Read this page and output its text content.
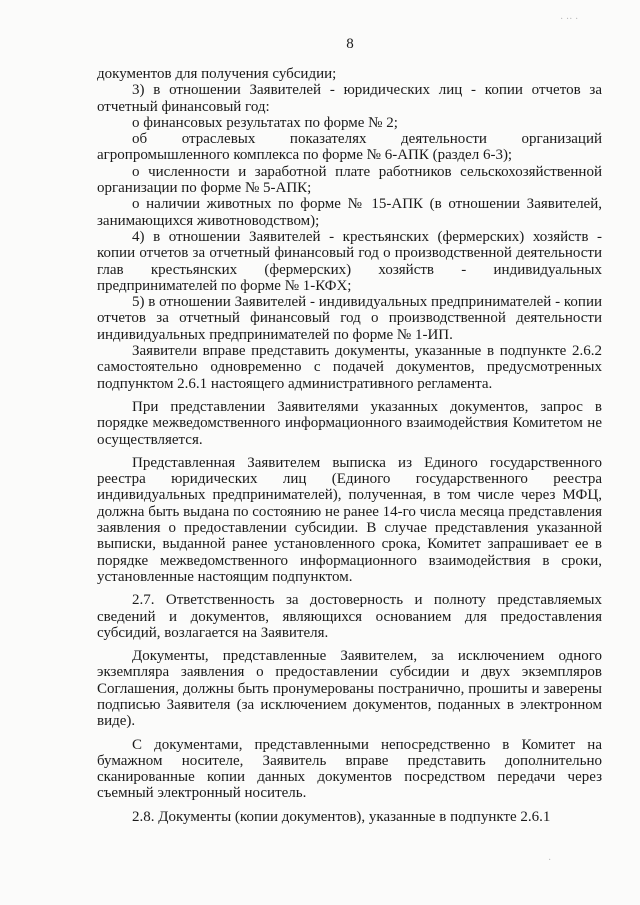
· ·· ·
·
8

документов для получения субсидии;

3) в отношении Заявителей - юридических лиц - копии отчетов за отчетный финансовый год:

о финансовых результатах по форме № 2;

об отраслевых показателях деятельности организаций агропромышленного комплекса по форме № 6-АПК (раздел 6-3);

о численности и заработной плате работников сельскохозяйственной организации по форме № 5-АПК;

о наличии животных по форме № 15-АПК (в отношении Заявителей, занимающихся животноводством);

4) в отношении Заявителей - крестьянских (фермерских) хозяйств - копии отчетов за отчетный финансовый год о производственной деятельности глав крестьянских (фермерских) хозяйств - индивидуальных предпринимателей по форме № 1-КФХ;

5) в отношении Заявителей - индивидуальных предпринимателей - копии отчетов за отчетный финансовый год о производственной деятельности индивидуальных предпринимателей по форме № 1-ИП.

Заявители вправе представить документы, указанные в подпункте 2.6.2 самостоятельно одновременно с подачей документов, предусмотренных подпунктом 2.6.1 настоящего административного регламента.

При представлении Заявителями указанных документов, запрос в порядке межведомственного информационного взаимодействия Комитетом не осуществляется.

Представленная Заявителем выписка из Единого государственного реестра юридических лиц (Единого государственного реестра индивидуальных предпринимателей), полученная, в том числе через МФЦ, должна быть выдана по состоянию не ранее 14-го числа месяца представления заявления о предоставлении субсидии. В случае представления указанной выписки, выданной ранее установленного срока, Комитет запрашивает ее в порядке межведомственного информационного взаимодействия в сроки, установленные настоящим подпунктом.

2.7. Ответственность за достоверность и полноту представляемых сведений и документов, являющихся основанием для предоставления субсидий, возлагается на Заявителя.

Документы, представленные Заявителем, за исключением одного экземпляра заявления о предоставлении субсидии и двух экземпляров Соглашения, должны быть пронумерованы постранично, прошиты и заверены подписью Заявителя (за исключением документов, поданных в электронном виде).

С документами, представленными непосредственно в Комитет на бумажном носителе, Заявитель вправе представить дополнительно сканированные копии данных документов посредством передачи через съемный электронный носитель.

2.8. Документы (копии документов), указанные в подпункте 2.6.1
